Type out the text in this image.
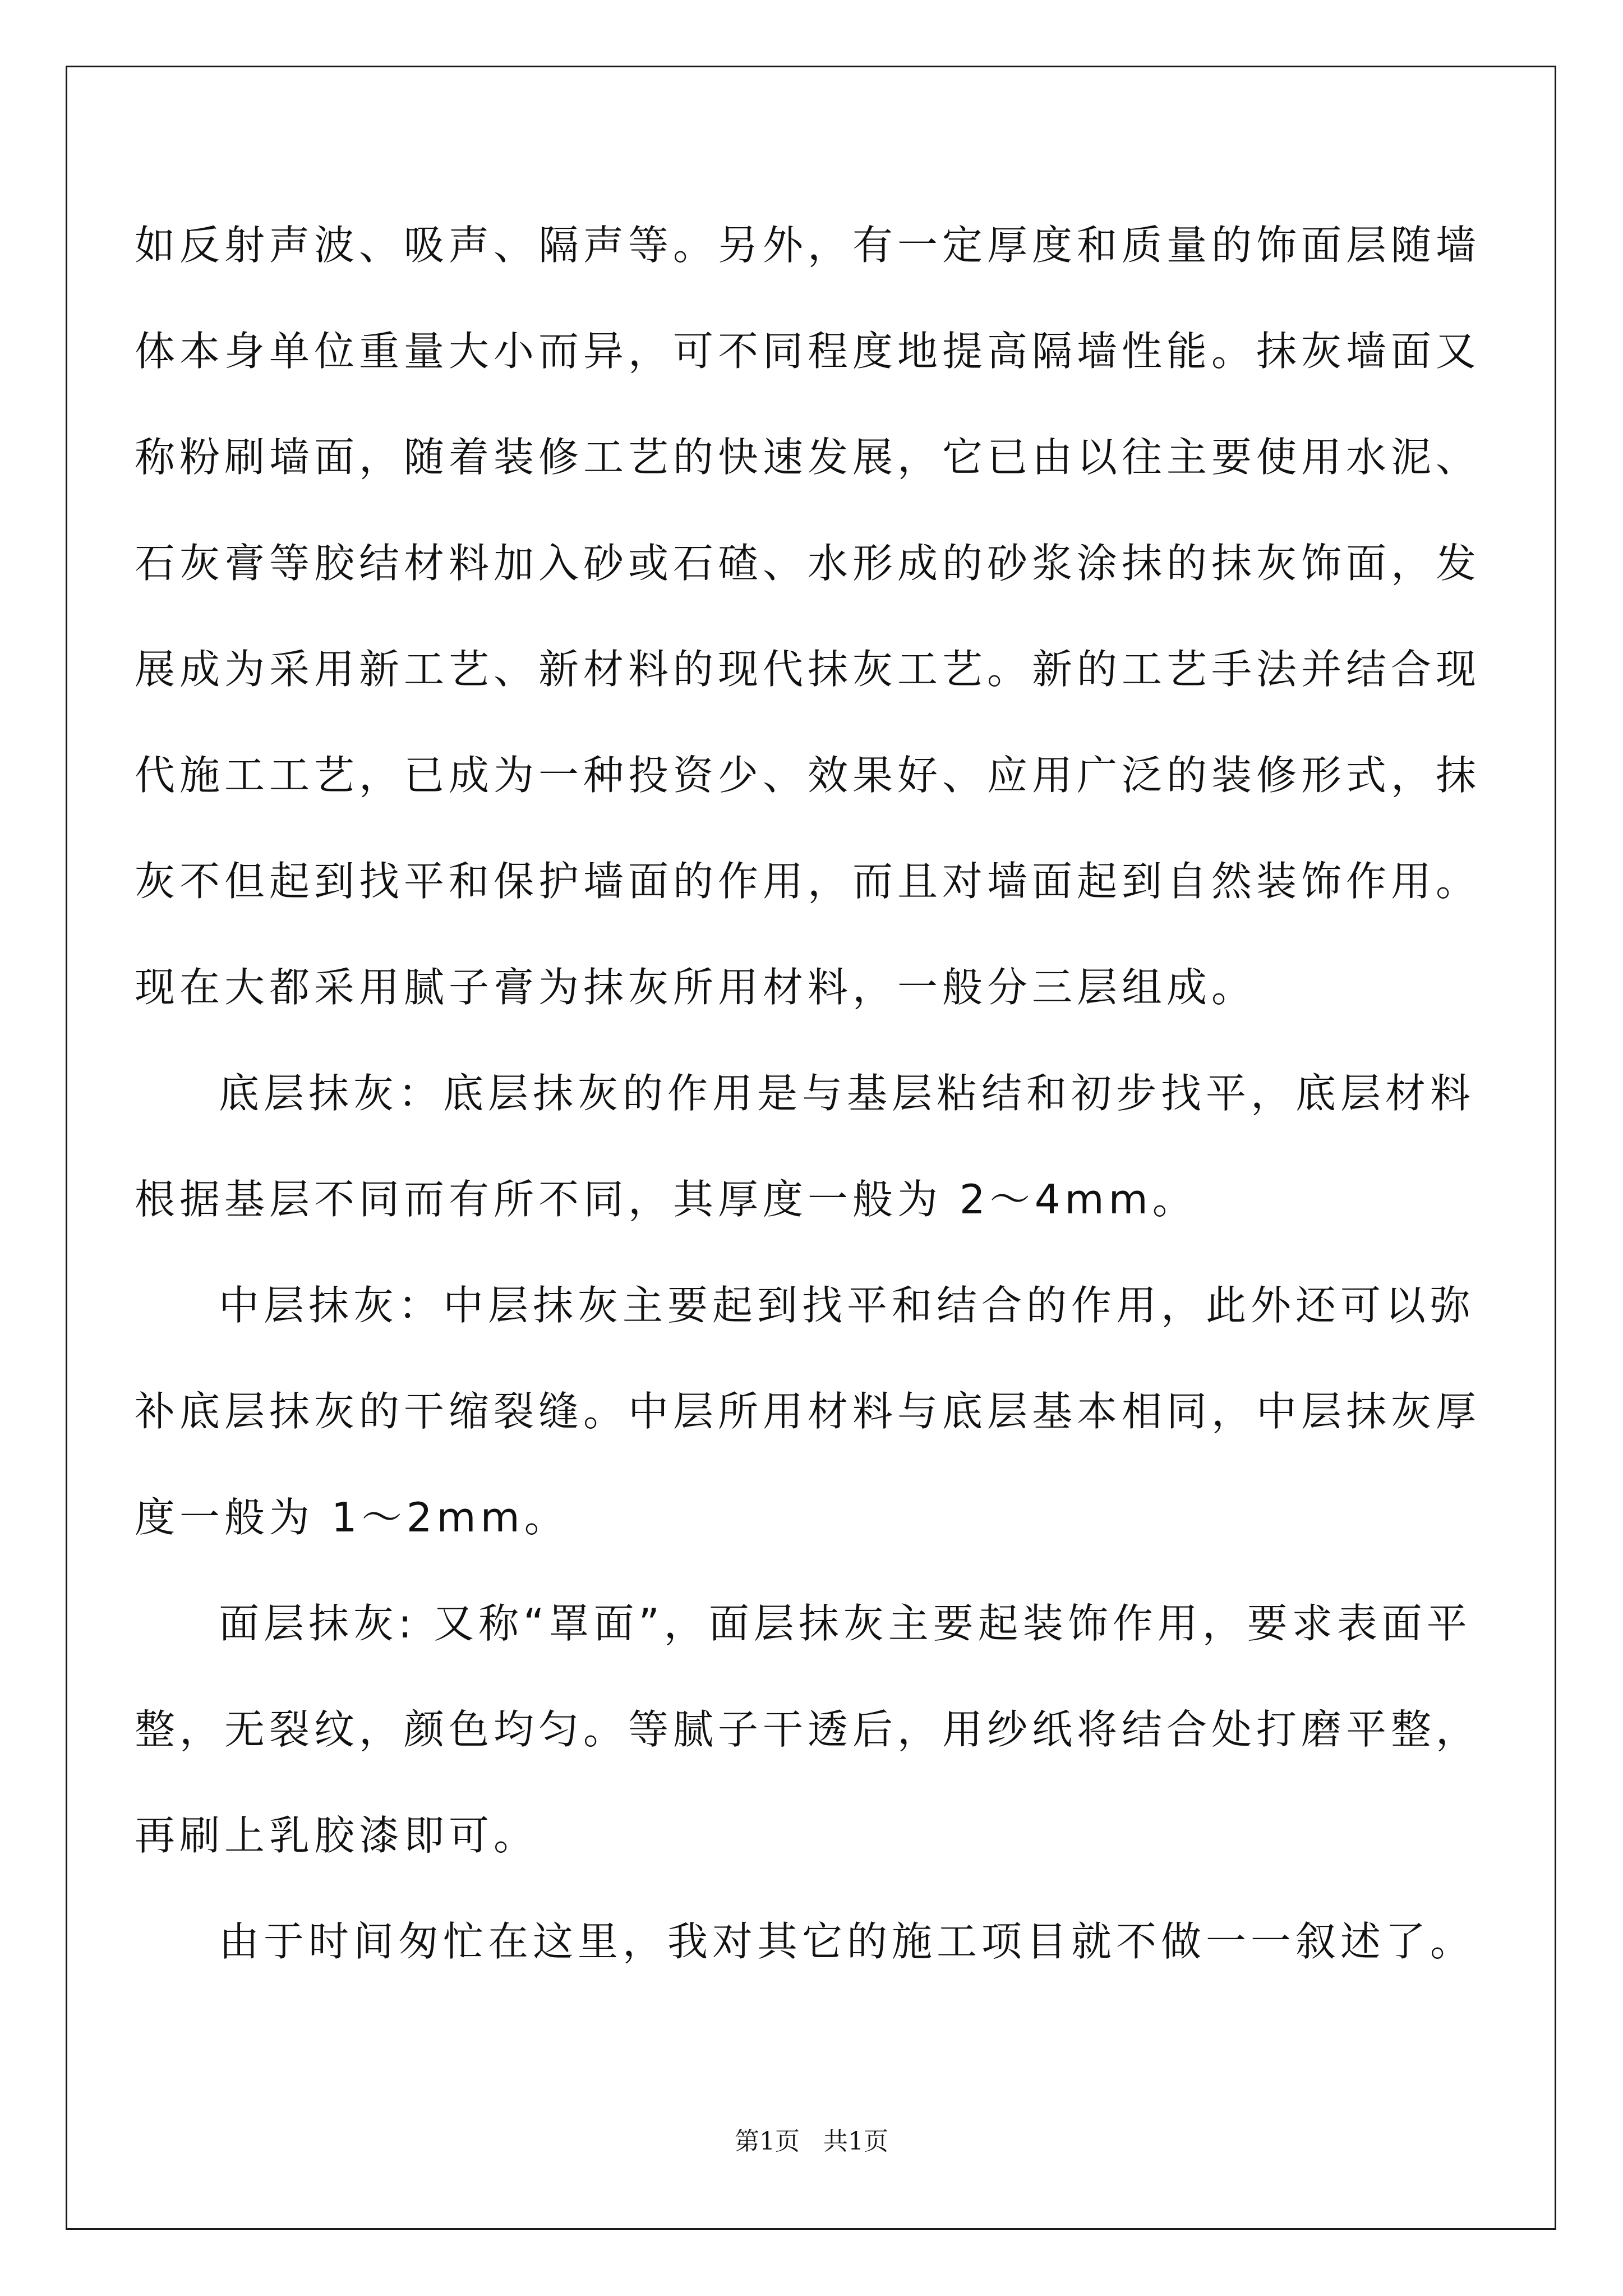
如反射声波、吸声、隔声等。另外，有一定厚度和质量的饰面层随墙
体本身单位重量大小而异，可不同程度地提高隔墙性能。抹灰墙面又
称粉刷墙面，随着装修工艺的快速发展，它已由以往主要使用水泥、
石灰膏等胶结材料加入砂或石碴、水形成的砂浆涂抹的抹灰饰面，发
展成为采用新工艺、新材料的现代抹灰工艺。新的工艺手法并结合现
代施工工艺，已成为一种投资少、效果好、应用广泛的装修形式，抹
灰不但起到找平和保护墙面的作用，而且对墙面起到自然装饰作用。
现在大都采用腻子膏为抹灰所用材料，一般分三层组成。
底层抹灰：底层抹灰的作用是与基层粘结和初步找平，底层材料
根据基层不同而有所不同，其厚度一般为 2～4mm。
中层抹灰：中层抹灰主要起到找平和结合的作用，此外还可以弥
补底层抹灰的干缩裂缝。中层所用材料与底层基本相同，中层抹灰厚
度一般为 1～2mm。
面层抹灰: 又称“罩面”，面层抹灰主要起装饰作用，要求表面平
整，无裂纹，颜色均匀。等腻子干透后，用纱纸将结合处打磨平整，
再刷上乳胶漆即可。
由于时间匆忙在这里，我对其它的施工项目就不做一一叙述了。
第1页 共1页
